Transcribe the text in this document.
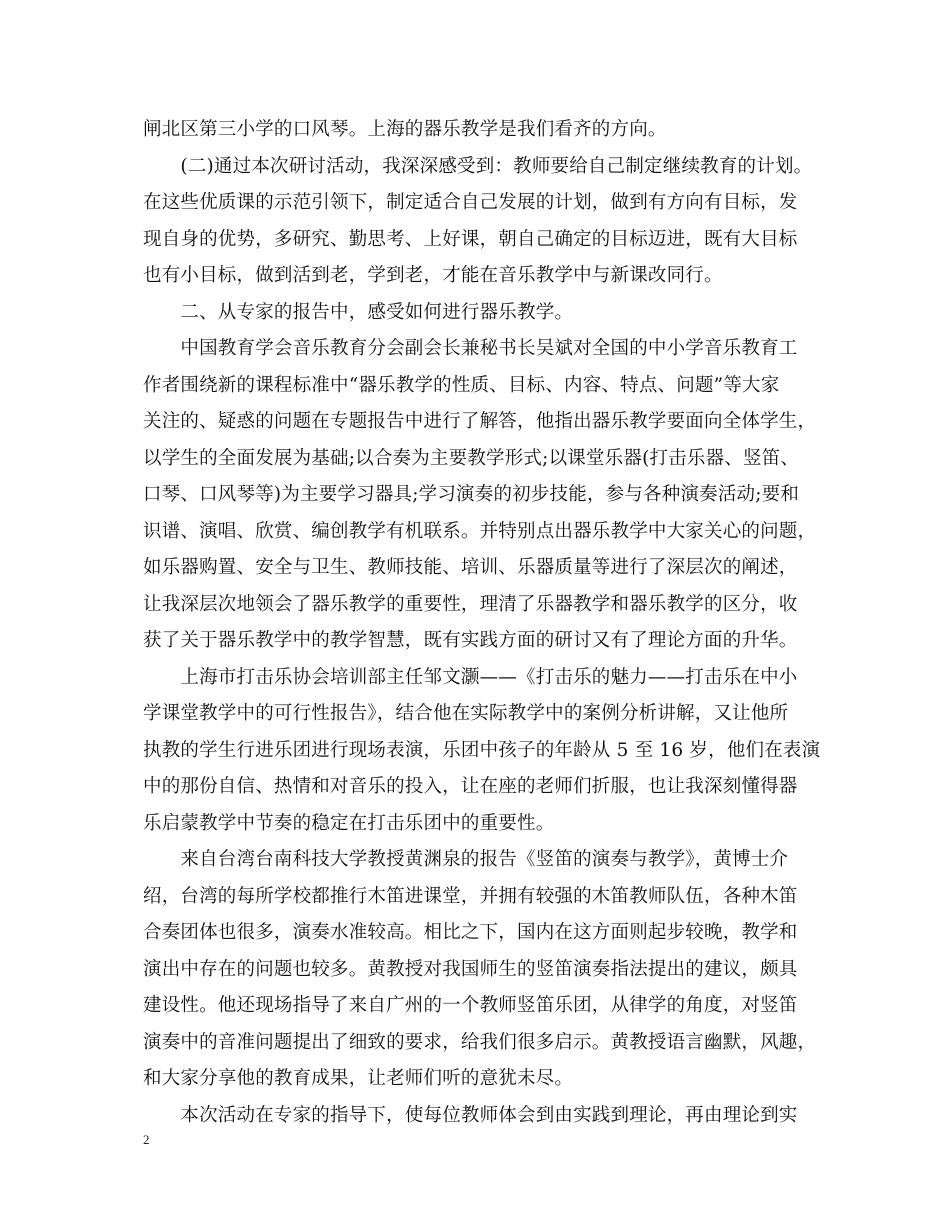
闸北区第三小学的口风琴。上海的器乐教学是我们看齐的方向。
　　(二)通过本次研讨活动，我深深感受到：教师要给自己制定继续教育的计划。
在这些优质课的示范引领下，制定适合自己发展的计划，做到有方向有目标，发
现自身的优势，多研究、勤思考、上好课，朝自己确定的目标迈进，既有大目标
也有小目标，做到活到老，学到老，才能在音乐教学中与新课改同行。
　　二、从专家的报告中，感受如何进行器乐教学。
　　中国教育学会音乐教育分会副会长兼秘书长吴斌对全国的中小学音乐教育工
作者围绕新的课程标准中“器乐教学的性质、目标、内容、特点、问题”等大家
关注的、疑惑的问题在专题报告中进行了解答，他指出器乐教学要面向全体学生，
以学生的全面发展为基础;以合奏为主要教学形式;以课堂乐器(打击乐器、竖笛、
口琴、口风琴等)为主要学习器具;学习演奏的初步技能，参与各种演奏活动;要和
识谱、演唱、欣赏、编创教学有机联系。并特别点出器乐教学中大家关心的问题，
如乐器购置、安全与卫生、教师技能、培训、乐器质量等进行了深层次的阐述，
让我深层次地领会了器乐教学的重要性，理清了乐器教学和器乐教学的区分，收
获了关于器乐教学中的教学智慧，既有实践方面的研讨又有了理论方面的升华。
　　上海市打击乐协会培训部主任邹文灏——《打击乐的魅力——打击乐在中小
学课堂教学中的可行性报告》，结合他在实际教学中的案例分析讲解，又让他所
执教的学生行进乐团进行现场表演，乐团中孩子的年龄从 5 至 16 岁，他们在表演
中的那份自信、热情和对音乐的投入，让在座的老师们折服，也让我深刻懂得器
乐启蒙教学中节奏的稳定在打击乐团中的重要性。
　　来自台湾台南科技大学教授黄渊泉的报告《竖笛的演奏与教学》，黄博士介
绍，台湾的每所学校都推行木笛进课堂，并拥有较强的木笛教师队伍，各种木笛
合奏团体也很多，演奏水准较高。相比之下，国内在这方面则起步较晚，教学和
演出中存在的问题也较多。黄教授对我国师生的竖笛演奏指法提出的建议，颇具
建设性。他还现场指导了来自广州的一个教师竖笛乐团，从律学的角度，对竖笛
演奏中的音准问题提出了细致的要求，给我们很多启示。黄教授语言幽默，风趣，
和大家分享他的教育成果，让老师们听的意犹未尽。
　　本次活动在专家的指导下，使每位教师体会到由实践到理论，再由理论到实
2
